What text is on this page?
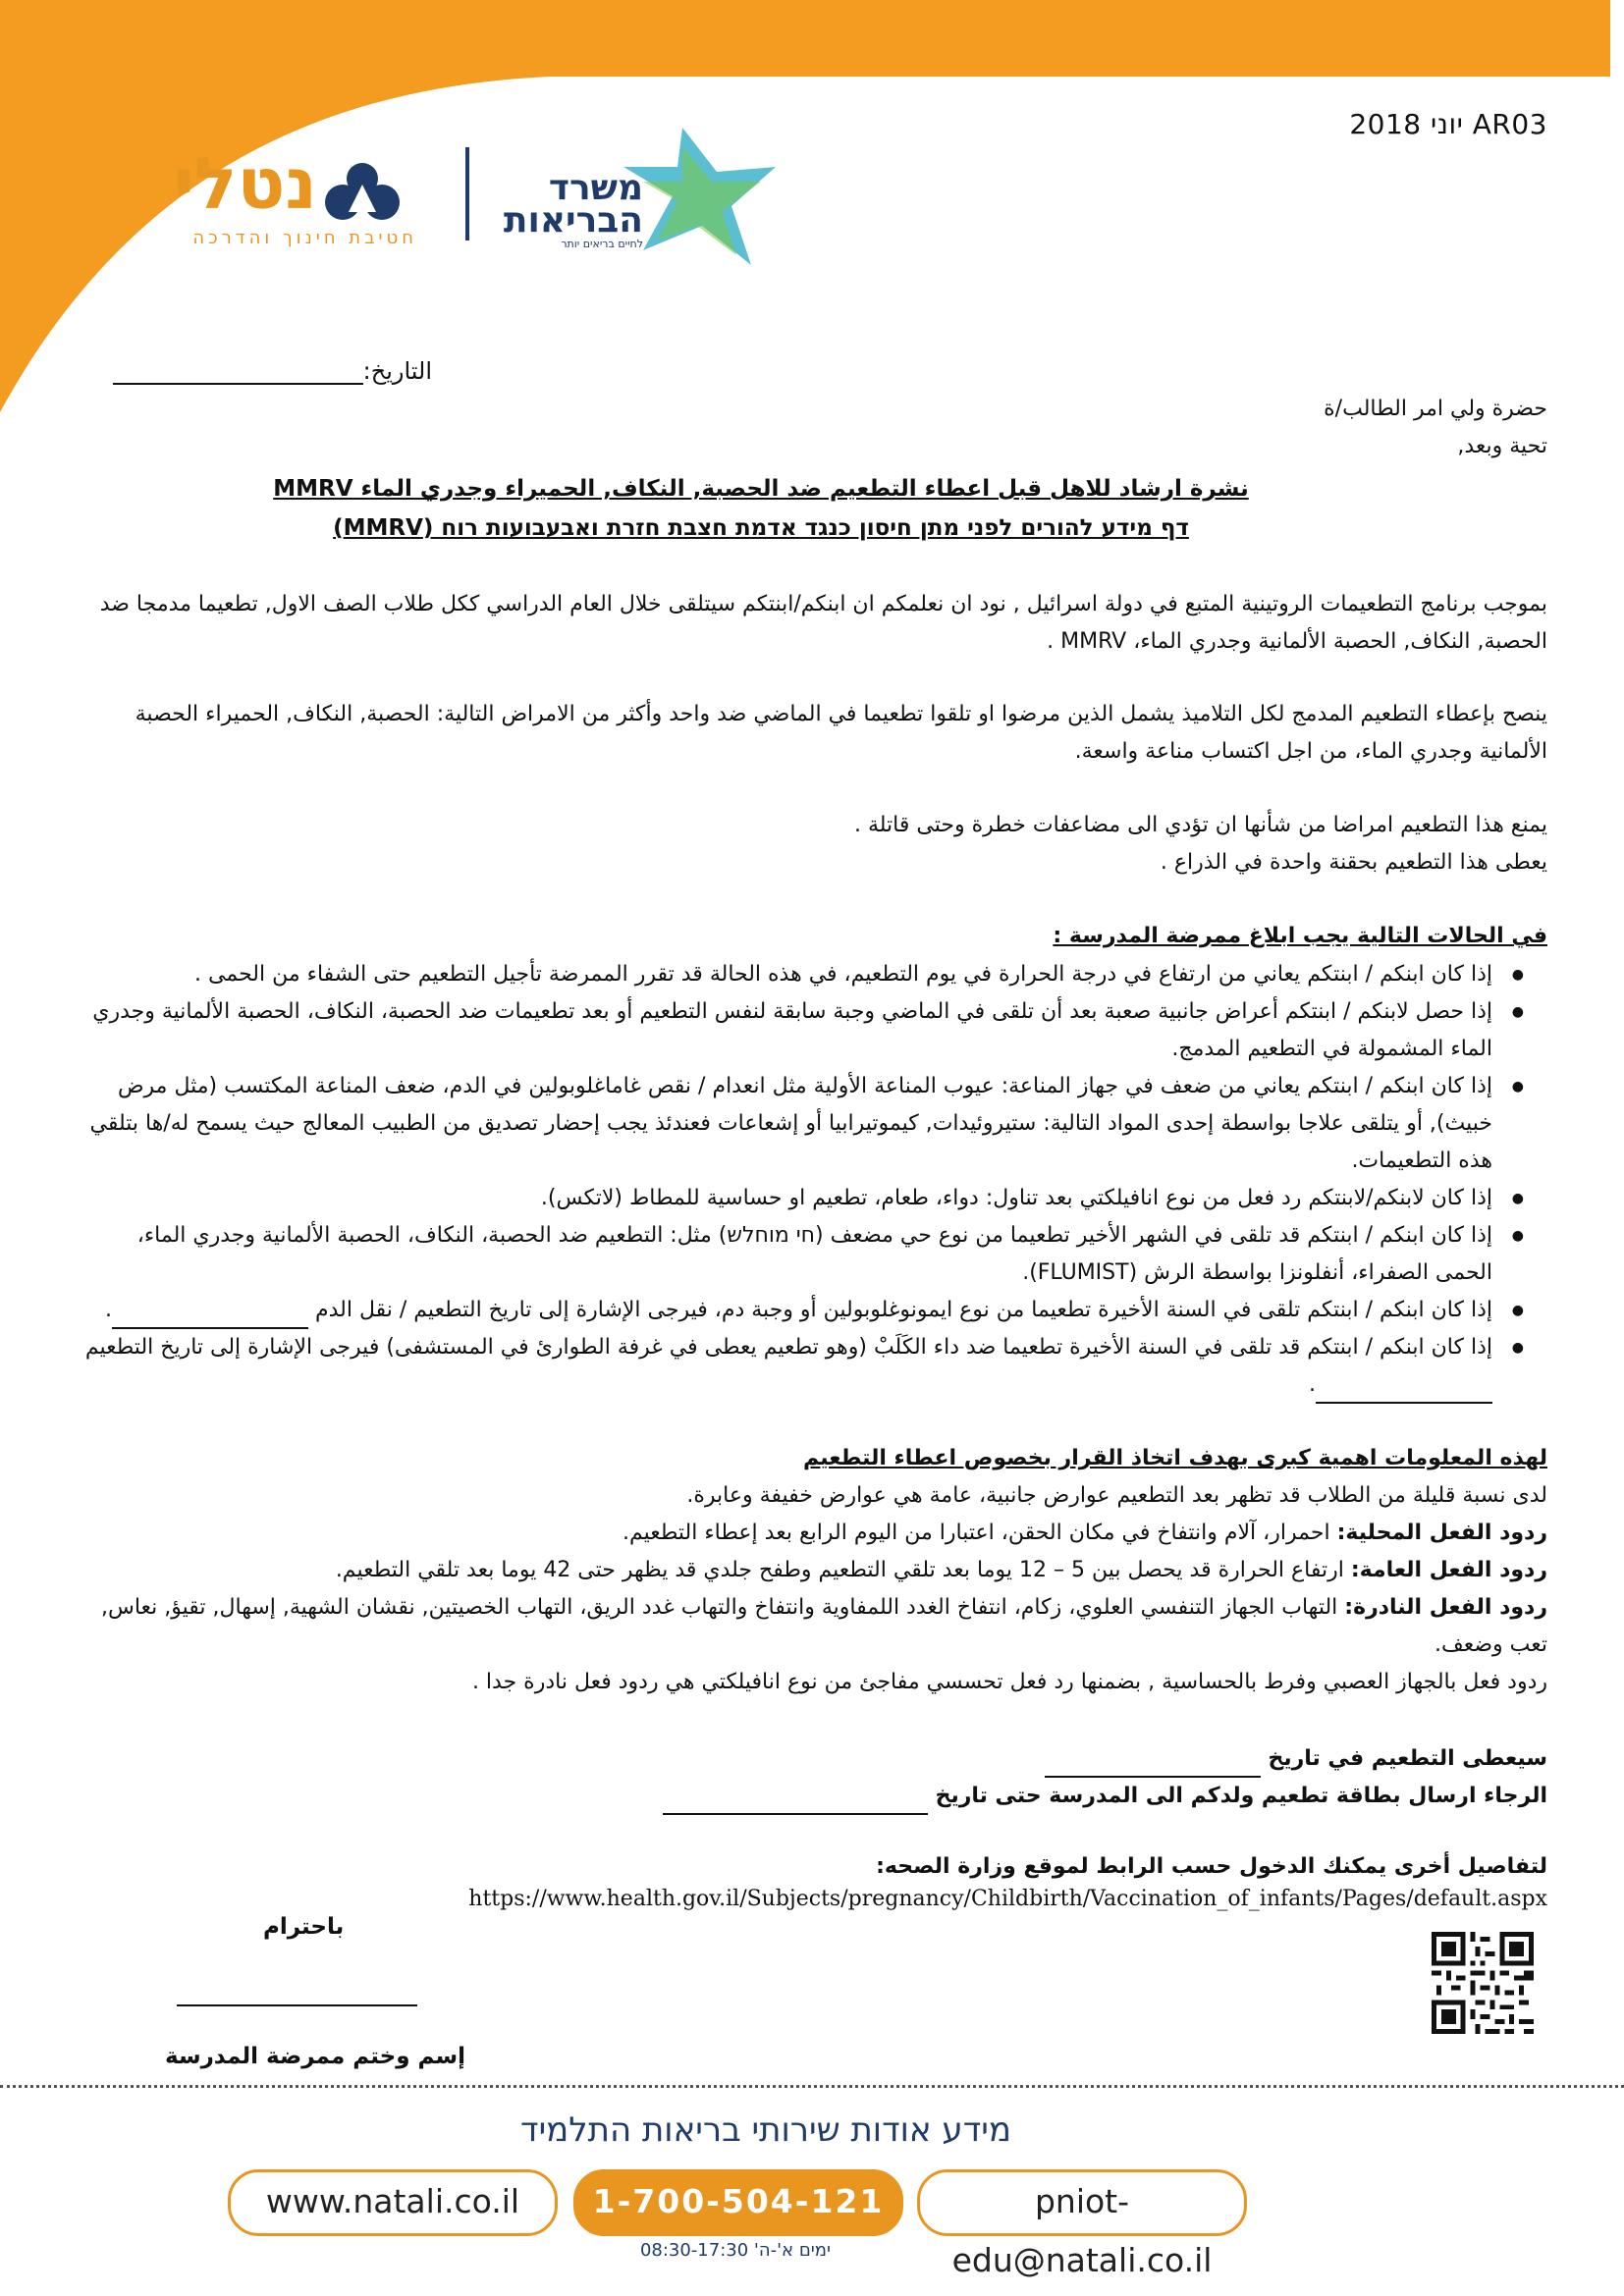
AR03 יוני 2018
נטלי
חטיבת חינוך והדרכה
משרד
הבריאות
לחיים בריאים יותר
التاريخ:
حضرة ولي امر الطالب/ة
تحية وبعد,
نشرة ارشاد للاهل قبل اعطاء التطعيم ضد الحصبة, النكاف, الحميراء وجدري الماء MMRV
דף מידע להורים לפני מתן חיסון כנגד אדמת חצבת חזרת ואבעבועות רוח (MMRV)
بموجب برنامج التطعيمات الروتينية المتبع في دولة اسرائيل , نود ان نعلمكم ان ابنكم/ابنتكم سيتلقى خلال العام الدراسي ككل طلاب الصف الاول, تطعيما مدمجا ضد الحصبة, النكاف, الحصبة الألمانية وجدري الماء، MMRV .
ينصح بإعطاء التطعيم المدمج لكل التلاميذ يشمل الذين مرضوا او تلقوا تطعيما في الماضي ضد واحد وأكثر من الامراض التالية: الحصبة, النكاف, الحميراء الحصبة الألمانية وجدري الماء، من اجل اكتساب مناعة واسعة.
يمنع هذا التطعيم امراضا من شأنها ان تؤدي الى مضاعفات خطرة وحتى قاتلة .
يعطى هذا التطعيم بحقنة واحدة في الذراع .
في الحالات التالية يجب ابلاغ ممرضة المدرسة :
● إذا كان ابنكم / ابنتكم يعاني من ارتفاع في درجة الحرارة في يوم التطعيم، في هذه الحالة قد تقرر الممرضة تأجيل التطعيم حتى الشفاء من الحمى .
● إذا حصل لابنكم / ابنتكم أعراض جانبية صعبة بعد أن تلقى في الماضي وجبة سابقة لنفس التطعيم أو بعد تطعيمات ضد الحصبة، النكاف، الحصبة الألمانية وجدري الماء المشمولة في التطعيم المدمج.
● إذا كان ابنكم / ابنتكم يعاني من ضعف في جهاز المناعة: عيوب المناعة الأولية مثل انعدام / نقص غاماغلوبولين في الدم، ضعف المناعة المكتسب (مثل مرض خبيث), أو يتلقى علاجا بواسطة إحدى المواد التالية: ستيروئيدات, كيموتيرابيا أو إشعاعات فعندئذ يجب إحضار تصديق من الطبيب المعالج حيث يسمح له/ها بتلقي هذه التطعيمات.
● إذا كان لابنكم/لابنتكم رد فعل من نوع انافيلكتي بعد تناول: دواء، طعام، تطعيم او حساسية للمطاط (لاتكس).
● إذا كان ابنكم / ابنتكم قد تلقى في الشهر الأخير تطعيما من نوع حي مضعف (חי מוחלש) مثل: التطعيم ضد الحصبة، النكاف، الحصبة الألمانية وجدري الماء، الحمى الصفراء، أنفلونزا بواسطة الرش (FLUMIST).
● إذا كان ابنكم / ابنتكم تلقى في السنة الأخيرة تطعيما من نوع ايمونوغلوبولين أو وجبة دم، فيرجى الإشارة إلى تاريخ التطعيم / نقل الدم .
● إذا كان ابنكم / ابنتكم قد تلقى في السنة الأخيرة تطعيما ضد داء الكَلَبْ (وهو تطعيم يعطى في غرفة الطوارئ في المستشفى) فيرجى الإشارة إلى تاريخ التطعيم
.
لهذه المعلومات اهمية كبرى بهدف اتخاذ القرار بخصوص اعطاء التطعيم
لدى نسبة قليلة من الطلاب قد تظهر بعد التطعيم عوارض جانبية، عامة هي عوارض خفيفة وعابرة.
ردود الفعل المحلية: احمرار، آلام وانتفاخ في مكان الحقن، اعتبارا من اليوم الرابع بعد إعطاء التطعيم.
ردود الفعل العامة: ارتفاع الحرارة قد يحصل بين 5 – 12 يوما بعد تلقي التطعيم وطفح جلدي قد يظهر حتى 42 يوما بعد تلقي التطعيم.
ردود الفعل النادرة: التهاب الجهاز التنفسي العلوي، زكام، انتفاخ الغدد اللمفاوية وانتفاخ والتهاب غدد الريق، التهاب الخصيتين, نقشان الشهية, إسهال, تقيؤ, نعاس, تعب وضعف.
ردود فعل بالجهاز العصبي وفرط بالحساسية , بضمنها رد فعل تحسسي مفاجئ من نوع انافيلكتي هي ردود فعل نادرة جدا .
سيعطى التطعيم في تاريخ
الرجاء ارسال بطاقة تطعيم ولدكم الى المدرسة حتى تاريخ
لتفاصيل أخرى يمكنك الدخول حسب الرابط لموقع وزارة الصحه:
https://www.health.gov.il/Subjects/pregnancy/Childbirth/Vaccination_of_infants/Pages/default.aspx
باحترام
إسم وختم ممرضة المدرسة
מידע אודות שירותי בריאות התלמיד
www.natali.co.il	1-700-504-121	pniot-edu@natali.co.il
ימים א'-ה' 08:30-17:30
